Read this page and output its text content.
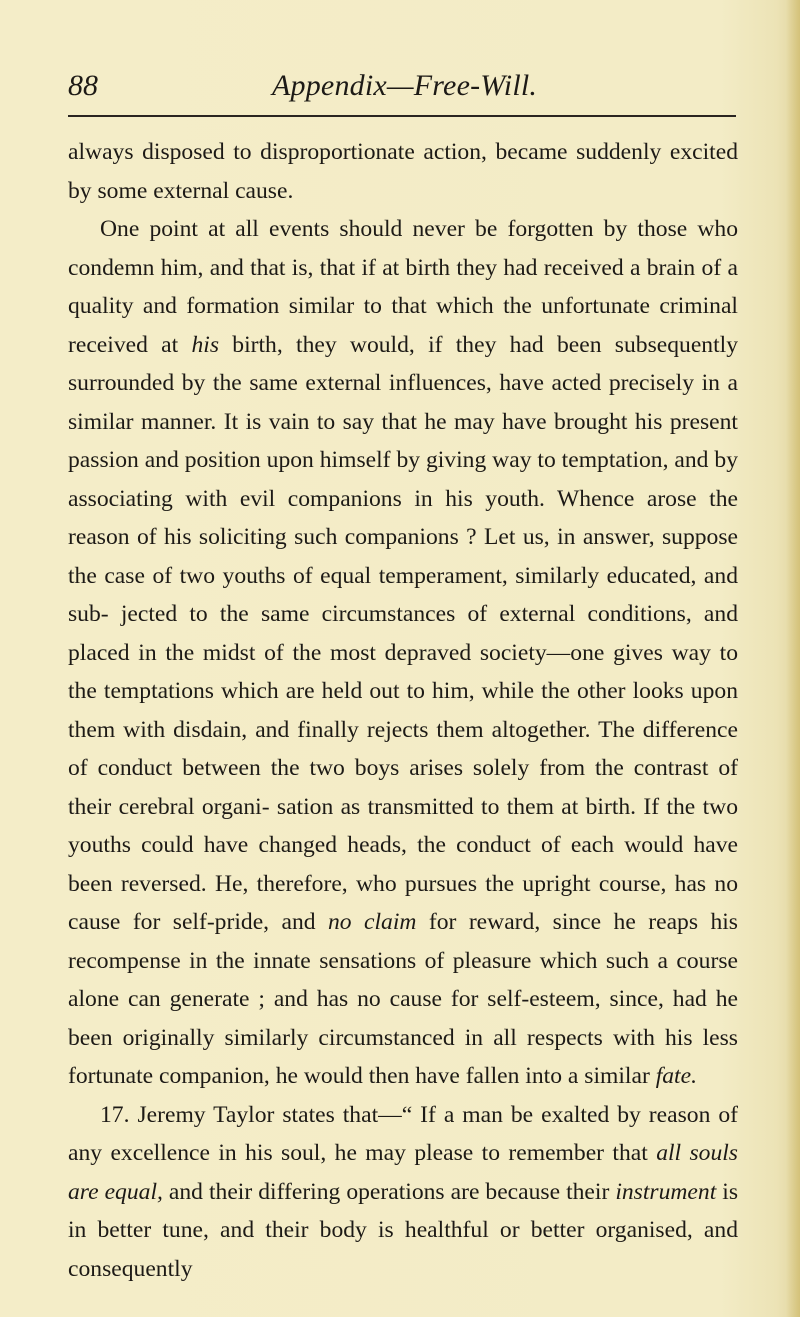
88	Appendix—Free-Will.

always disposed to disproportionate action, became suddenly excited by some external cause.

One point at all events should never be forgotten by those who condemn him, and that is, that if at birth they had received a brain of a quality and formation similar to that which the unfortunate criminal received at his birth, they would, if they had been subsequently surrounded by the same external influences, have acted precisely in a similar manner. It is vain to say that he may have brought his present passion and position upon himself by giving way to temptation, and by associating with evil companions in his youth. Whence arose the reason of his soliciting such companions ? Let us, in answer, suppose the case of two youths of equal temperament, similarly educated, and sub- jected to the same circumstances of external conditions, and placed in the midst of the most depraved society—one gives way to the temptations which are held out to him, while the other looks upon them with disdain, and finally rejects them altogether. The difference of conduct between the two boys arises solely from the contrast of their cerebral organi- sation as transmitted to them at birth. If the two youths could have changed heads, the conduct of each would have been reversed. He, therefore, who pursues the upright course, has no cause for self-pride, and no claim for reward, since he reaps his recompense in the innate sensations of pleasure which such a course alone can generate ; and has no cause for self-esteem, since, had he been originally similarly circumstanced in all respects with his less fortunate companion, he would then have fallen into a similar fate.

17. Jeremy Taylor states that—“ If a man be exalted by reason of any excellence in his soul, he may please to remember that all souls are equal, and their differing operations are because their instrument is in better tune, and their body is healthful or better organised, and consequently
